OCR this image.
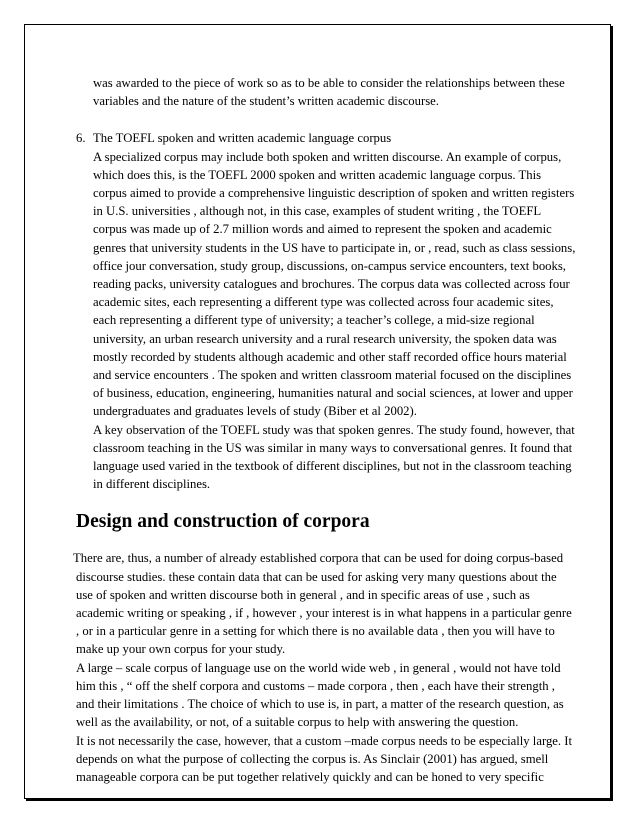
was awarded to the piece of work so as to be able to consider the relationships between these variables and the nature of the student’s written academic discourse.

6. The TOEFL spoken and written academic language corpus

A specialized corpus may include both spoken and written discourse. An example of corpus, which does this, is the TOEFL 2000 spoken and written academic language corpus. This corpus aimed to provide a comprehensive linguistic description of spoken and written registers in U.S. universities , although not, in this case, examples of student writing , the TOEFL corpus was made up of 2.7 million words and aimed to represent the spoken and academic genres that university students in the US have to participate in, or , read, such as class sessions, office jour conversation, study group, discussions, on-campus service encounters, text books, reading packs, university catalogues and brochures. The corpus data was collected across four academic sites, each representing a different type was collected across four academic sites, each representing a different type of university; a teacher’s college, a mid-size regional university, an urban research university and a rural research university, the spoken data was mostly recorded by students although academic and other staff recorded office hours material and service encounters . The spoken and written classroom material focused on the disciplines of business, education, engineering, humanities natural and social sciences, at lower and upper undergraduates and graduates levels of study (Biber et al 2002).

A key observation of the TOEFL study was that spoken genres. The study found, however, that classroom teaching in the US was similar in many ways to conversational genres. It found that language used varied in the textbook of different disciplines, but not in the classroom teaching in different disciplines.

Design and construction of corpora

There are, thus, a number of already established corpora that can be used for doing corpus-based discourse studies. these contain data that can be used for asking very many questions about the use of spoken and written discourse both in general , and in specific areas of use , such as academic writing or speaking , if , however , your interest is in what happens in a particular genre , or in a particular genre in a setting for which there is no available data , then you will have to make up your own corpus for your study.

A large – scale corpus of language use on the world wide web , in general , would not have told him this , “ off the shelf corpora and customs – made corpora , then , each have their strength , and their limitations . The choice of which to use is, in part, a matter of the research question, as well as the availability, or not, of a suitable corpus to help with answering the question.

It is not necessarily the case, however, that a custom –made corpus needs to be especially large. It depends on what the purpose of collecting the corpus is. As Sinclair (2001) has argued, smell manageable corpora can be put together relatively quickly and can be honed to very specific
